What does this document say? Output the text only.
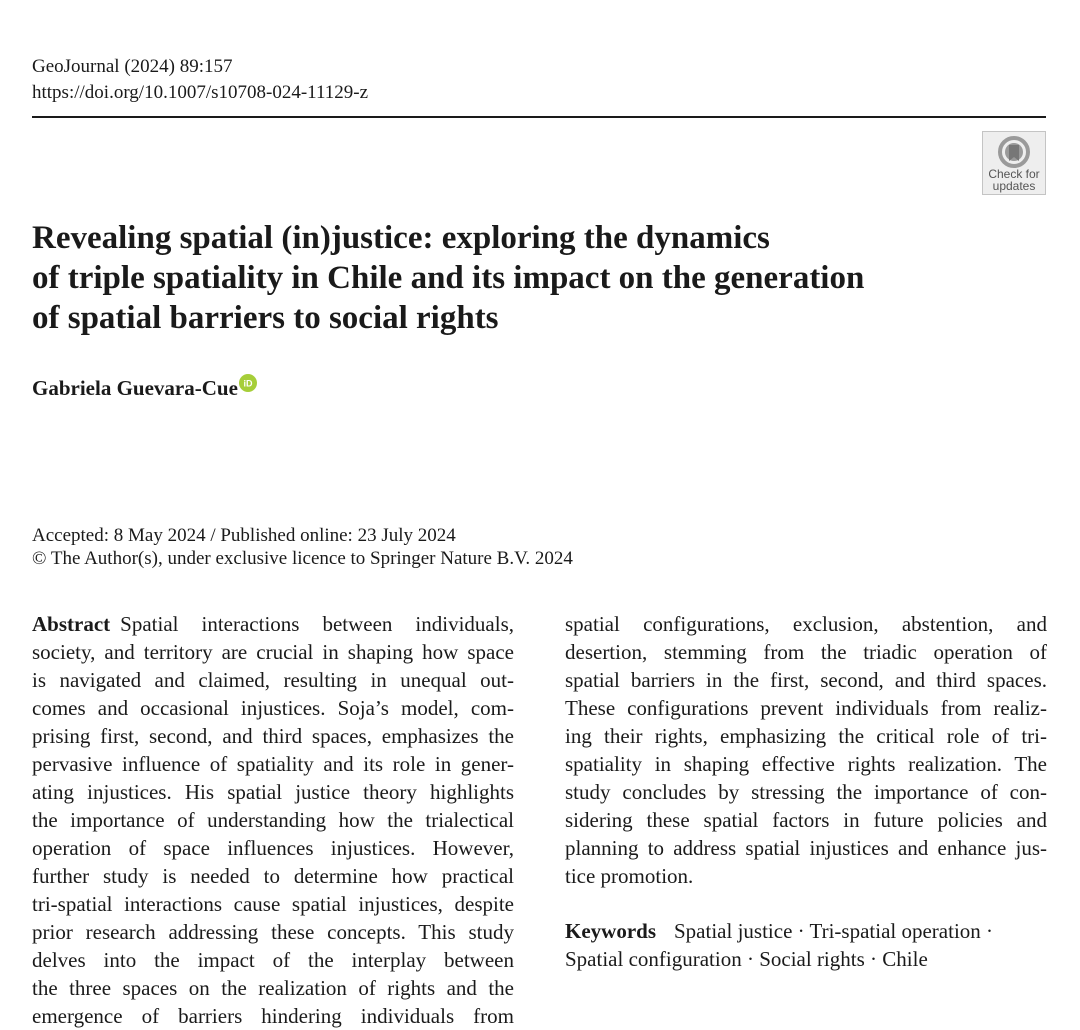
GeoJournal (2024) 89:157
https://doi.org/10.1007/s10708-024-11129-z
Check for
updates
Revealing spatial (in)justice: exploring the dynamics
of triple spatiality in Chile and its impact on the generation
of spatial barriers to social rights
Gabriela Guevara-Cue iD
Accepted: 8 May 2024 / Published online: 23 July 2024
© The Author(s), under exclusive licence to Springer Nature B.V. 2024
Abstract Spatial interactions between individuals,
society, and territory are crucial in shaping how space
is navigated and claimed, resulting in unequal out-
comes and occasional injustices. Soja’s model, com-
prising first, second, and third spaces, emphasizes the
pervasive influence of spatiality and its role in gener-
ating injustices. His spatial justice theory highlights
the importance of understanding how the trialectical
operation of space influences injustices. However,
further study is needed to determine how practical
tri-spatial interactions cause spatial injustices, despite
prior research addressing these concepts. This study
delves into the impact of the interplay between
the three spaces on the realization of rights and the
emergence of barriers hindering individuals from
spatial configurations, exclusion, abstention, and
desertion, stemming from the triadic operation of
spatial barriers in the first, second, and third spaces.
These configurations prevent individuals from realiz-
ing their rights, emphasizing the critical role of tri-
spatiality in shaping effective rights realization. The
study concludes by stressing the importance of con-
sidering these spatial factors in future policies and
planning to address spatial injustices and enhance jus-
tice promotion.
Keywords Spatial justice · Tri-spatial operation ·
Spatial configuration · Social rights · Chile
